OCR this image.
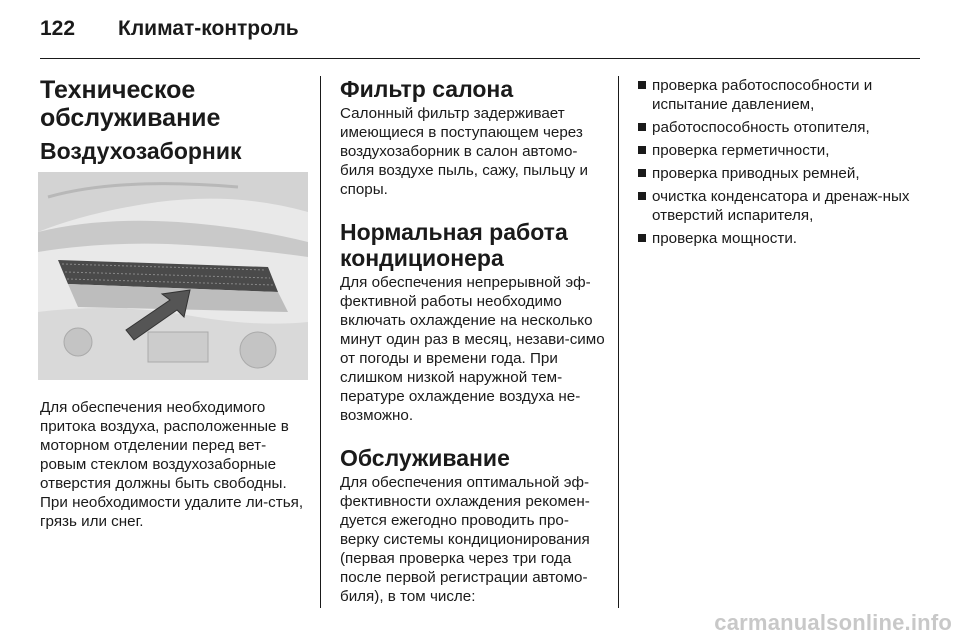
122	Климат-контроль
Техническое обслуживание
Воздухозаборник

Для обеспечения необходимого притока воздуха, расположенные в моторном отделении перед вет-ровым стеклом воздухозаборные отверстия должны быть свободны. При необходимости удалите ли-стья, грязь или снег.

Фильтр салона

Салонный фильтр задерживает имеющиеся в поступающем через воздухозаборник в салон автомо-биля воздухе пыль, сажу, пыльцу и споры.

Нормальная работа кондиционера

Для обеспечения непрерывной эф-фективной работы необходимо включать охлаждение на несколько минут один раз в месяц, незави-симо от погоды и времени года. При слишком низкой наружной тем-пературе охлаждение воздуха не-возможно.

Обслуживание

Для обеспечения оптимальной эф-фективности охлаждения рекомен-дуется ежегодно проводить про-верку системы кондиционирования (первая проверка через три года после первой регистрации автомо-биля), в том числе:

проверка работоспособности и испытание давлением,
работоспособность отопителя,
проверка герметичности,
проверка приводных ремней,
очистка конденсатора и дренаж-ных отверстий испарителя,
проверка мощности.
carmanualsonline.info
